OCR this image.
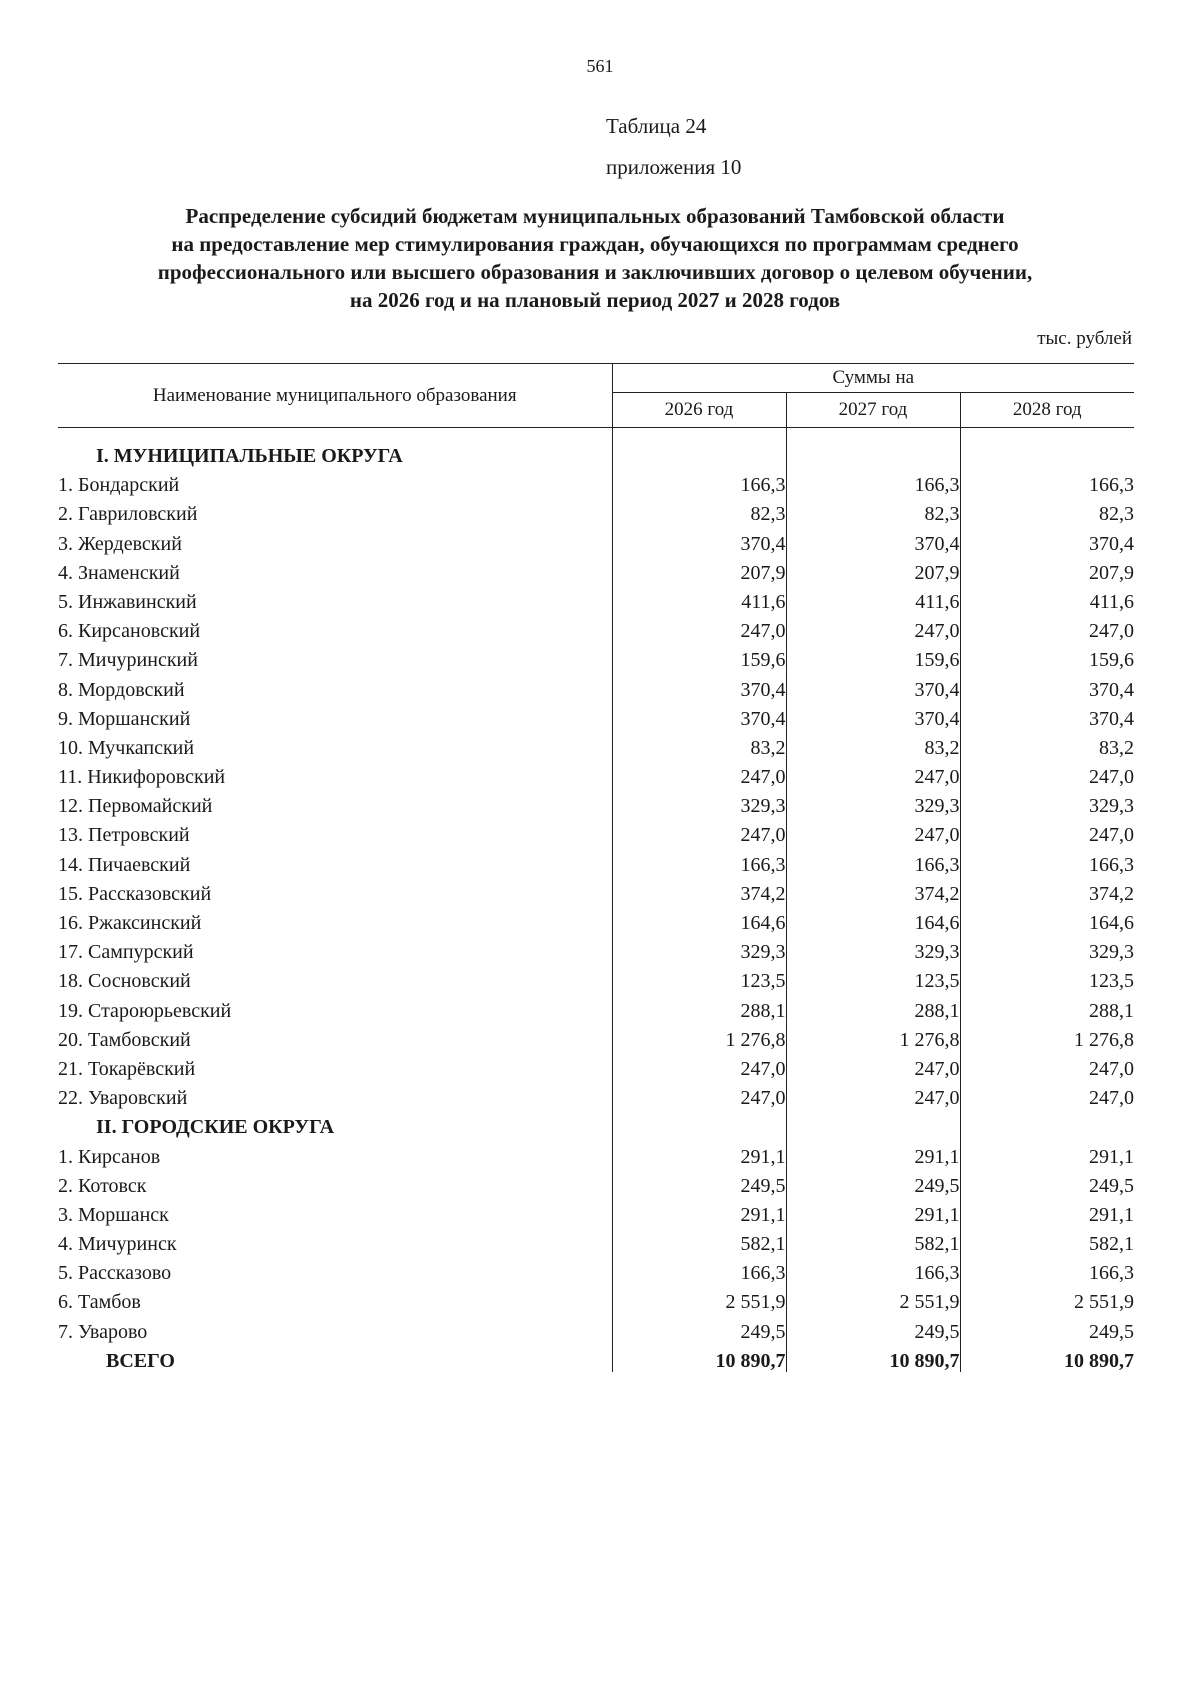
561
Таблица 24
приложения 10
Распределение субсидий бюджетам муниципальных образований Тамбовской области
на предоставление мер стимулирования граждан, обучающихся по программам среднего
профессионального или высшего образования и заключивших договор о целевом обучении,
на 2026 год и на плановый период 2027 и 2028 годов
тыс. рублей
Наименование муниципального образования	Суммы на		
	2026 год	2027 год	2028 год
I. МУНИЦИПАЛЬНЫЕ ОКРУГА			
1. Бондарский	166,3	166,3	166,3
2. Гавриловский	82,3	82,3	82,3
3. Жердевский	370,4	370,4	370,4
4. Знаменский	207,9	207,9	207,9
5. Инжавинский	411,6	411,6	411,6
6. Кирсановский	247,0	247,0	247,0
7. Мичуринский	159,6	159,6	159,6
8. Мордовский	370,4	370,4	370,4
9. Моршанский	370,4	370,4	370,4
10. Мучкапский	83,2	83,2	83,2
11. Никифоровский	247,0	247,0	247,0
12. Первомайский	329,3	329,3	329,3
13. Петровский	247,0	247,0	247,0
14. Пичаевский	166,3	166,3	166,3
15. Рассказовский	374,2	374,2	374,2
16. Ржаксинский	164,6	164,6	164,6
17. Сампурский	329,3	329,3	329,3
18. Сосновский	123,5	123,5	123,5
19. Староюрьевский	288,1	288,1	288,1
20. Тамбовский	1 276,8	1 276,8	1 276,8
21. Токарёвский	247,0	247,0	247,0
22. Уваровский	247,0	247,0	247,0
II. ГОРОДСКИЕ ОКРУГА			
1. Кирсанов	291,1	291,1	291,1
2. Котовск	249,5	249,5	249,5
3. Моршанск	291,1	291,1	291,1
4. Мичуринск	582,1	582,1	582,1
5. Рассказово	166,3	166,3	166,3
6. Тамбов	2 551,9	2 551,9	2 551,9
7. Уварово	249,5	249,5	249,5
ВСЕГО	10 890,7	10 890,7	10 890,7
